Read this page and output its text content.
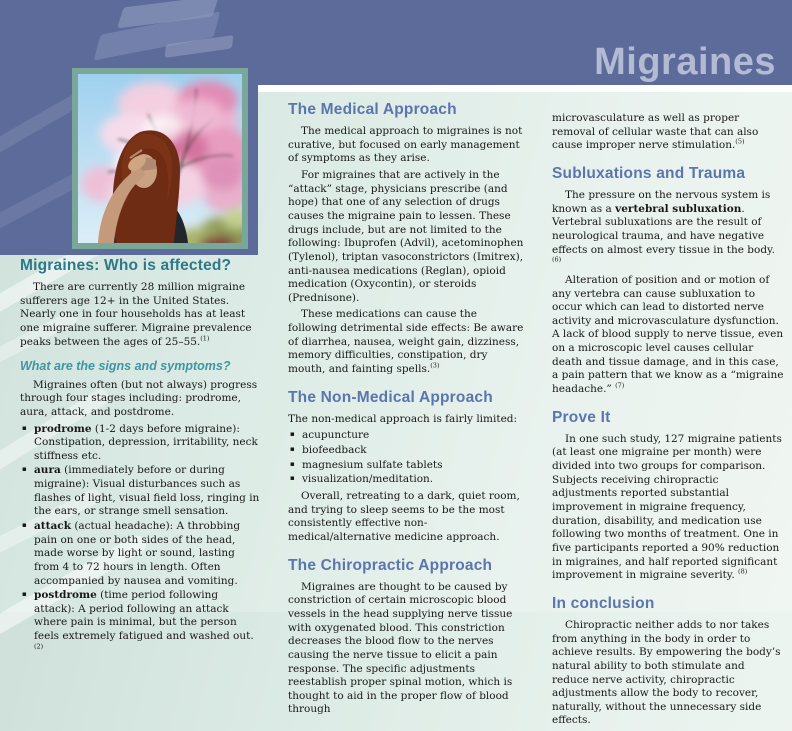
Migraines
Migraines: Who is affected?

There are currently 28 million migraine sufferers age 12+ in the United States. Nearly one in four households has at least one migraine sufferer. Migraine prevalence peaks between the ages of 25–55.$^{(1)}$

What are the signs and symptoms?

Migraines often (but not always) progress through four stages including: prodrome, aura, attack, and postdrome.

▪ prodrome (1-2 days before migraine): Constipation, depression, irritability, neck stiffness etc.
▪ aura (immediately before or during migraine): Visual disturbances such as flashes of light, visual field loss, ringing in the ears, or strange smell sensation.
▪ attack (actual headache): A throbbing pain on one or both sides of the head, made worse by light or sound, lasting from 4 to 72 hours in length. Often accompanied by nausea and vomiting.
▪ postdrome (time period following attack): A period following an attack where pain is minimal, but the person feels extremely fatigued and washed out.$^{(2)}$
The Medical Approach

The medical approach to migraines is not curative, but focused on early management of symptoms as they arise.

For migraines that are actively in the “attack” stage, physicians prescribe (and hope) that one of any selection of drugs causes the migraine pain to lessen. These drugs include, but are not limited to the following: Ibuprofen (Advil), acetominophen (Tylenol), triptan vasoconstrictors (Imitrex), anti-nausea medications (Reglan), opioid medication (Oxycontin), or steroids (Prednisone).

These medications can cause the following detrimental side effects: Be aware of diarrhea, nausea, weight gain, dizziness, memory difficulties, constipation, dry mouth, and fainting spells.$^{(3)}$

The Non-Medical Approach

The non-medical approach is fairly limited:

▪ acupuncture
▪ biofeedback
▪ magnesium sulfate tablets
▪ visualization/meditation.

Overall, retreating to a dark, quiet room, and trying to sleep seems to be the most consistently effective non-medical/alternative medicine approach.

The Chiropractic Approach

Migraines are thought to be caused by constriction of certain microscopic blood vessels in the head supplying nerve tissue with oxygenated blood. This constriction decreases the blood flow to the nerves causing the nerve tissue to elicit a pain response. The specific adjustments reestablish proper spinal motion, which is thought to aid in the proper flow of blood through

microvasculature as well as proper removal of cellular waste that can also cause improper nerve stimulation.$^{(5)}$

Subluxations and Trauma

The pressure on the nervous system is known as a vertebral subluxation. Vertebral subluxations are the result of neurological trauma, and have negative effects on almost every tissue in the body.$^{(6)}$

Alteration of position and or motion of any vertebra can cause subluxation to occur which can lead to distorted nerve activity and microvasculature dysfunction. A lack of blood supply to nerve tissue, even on a microscopic level causes cellular death and tissue damage, and in this case, a pain pattern that we know as a “migraine headache.” $^{(7)}$

Prove It

In one such study, 127 migraine patients (at least one migraine per month) were divided into two groups for comparison. Subjects receiving chiropractic adjustments reported substantial improvement in migraine frequency, duration, disability, and medication use following two months of treatment. One in five participants reported a 90% reduction in migraines, and half reported significant improvement in migraine severity. $^{(8)}$

In conclusion

Chiropractic neither adds to nor takes from anything in the body in order to achieve results. By empowering the body’s natural ability to both stimulate and reduce nerve activity, chiropractic adjustments allow the body to recover, naturally, without the unnecessary side effects.
